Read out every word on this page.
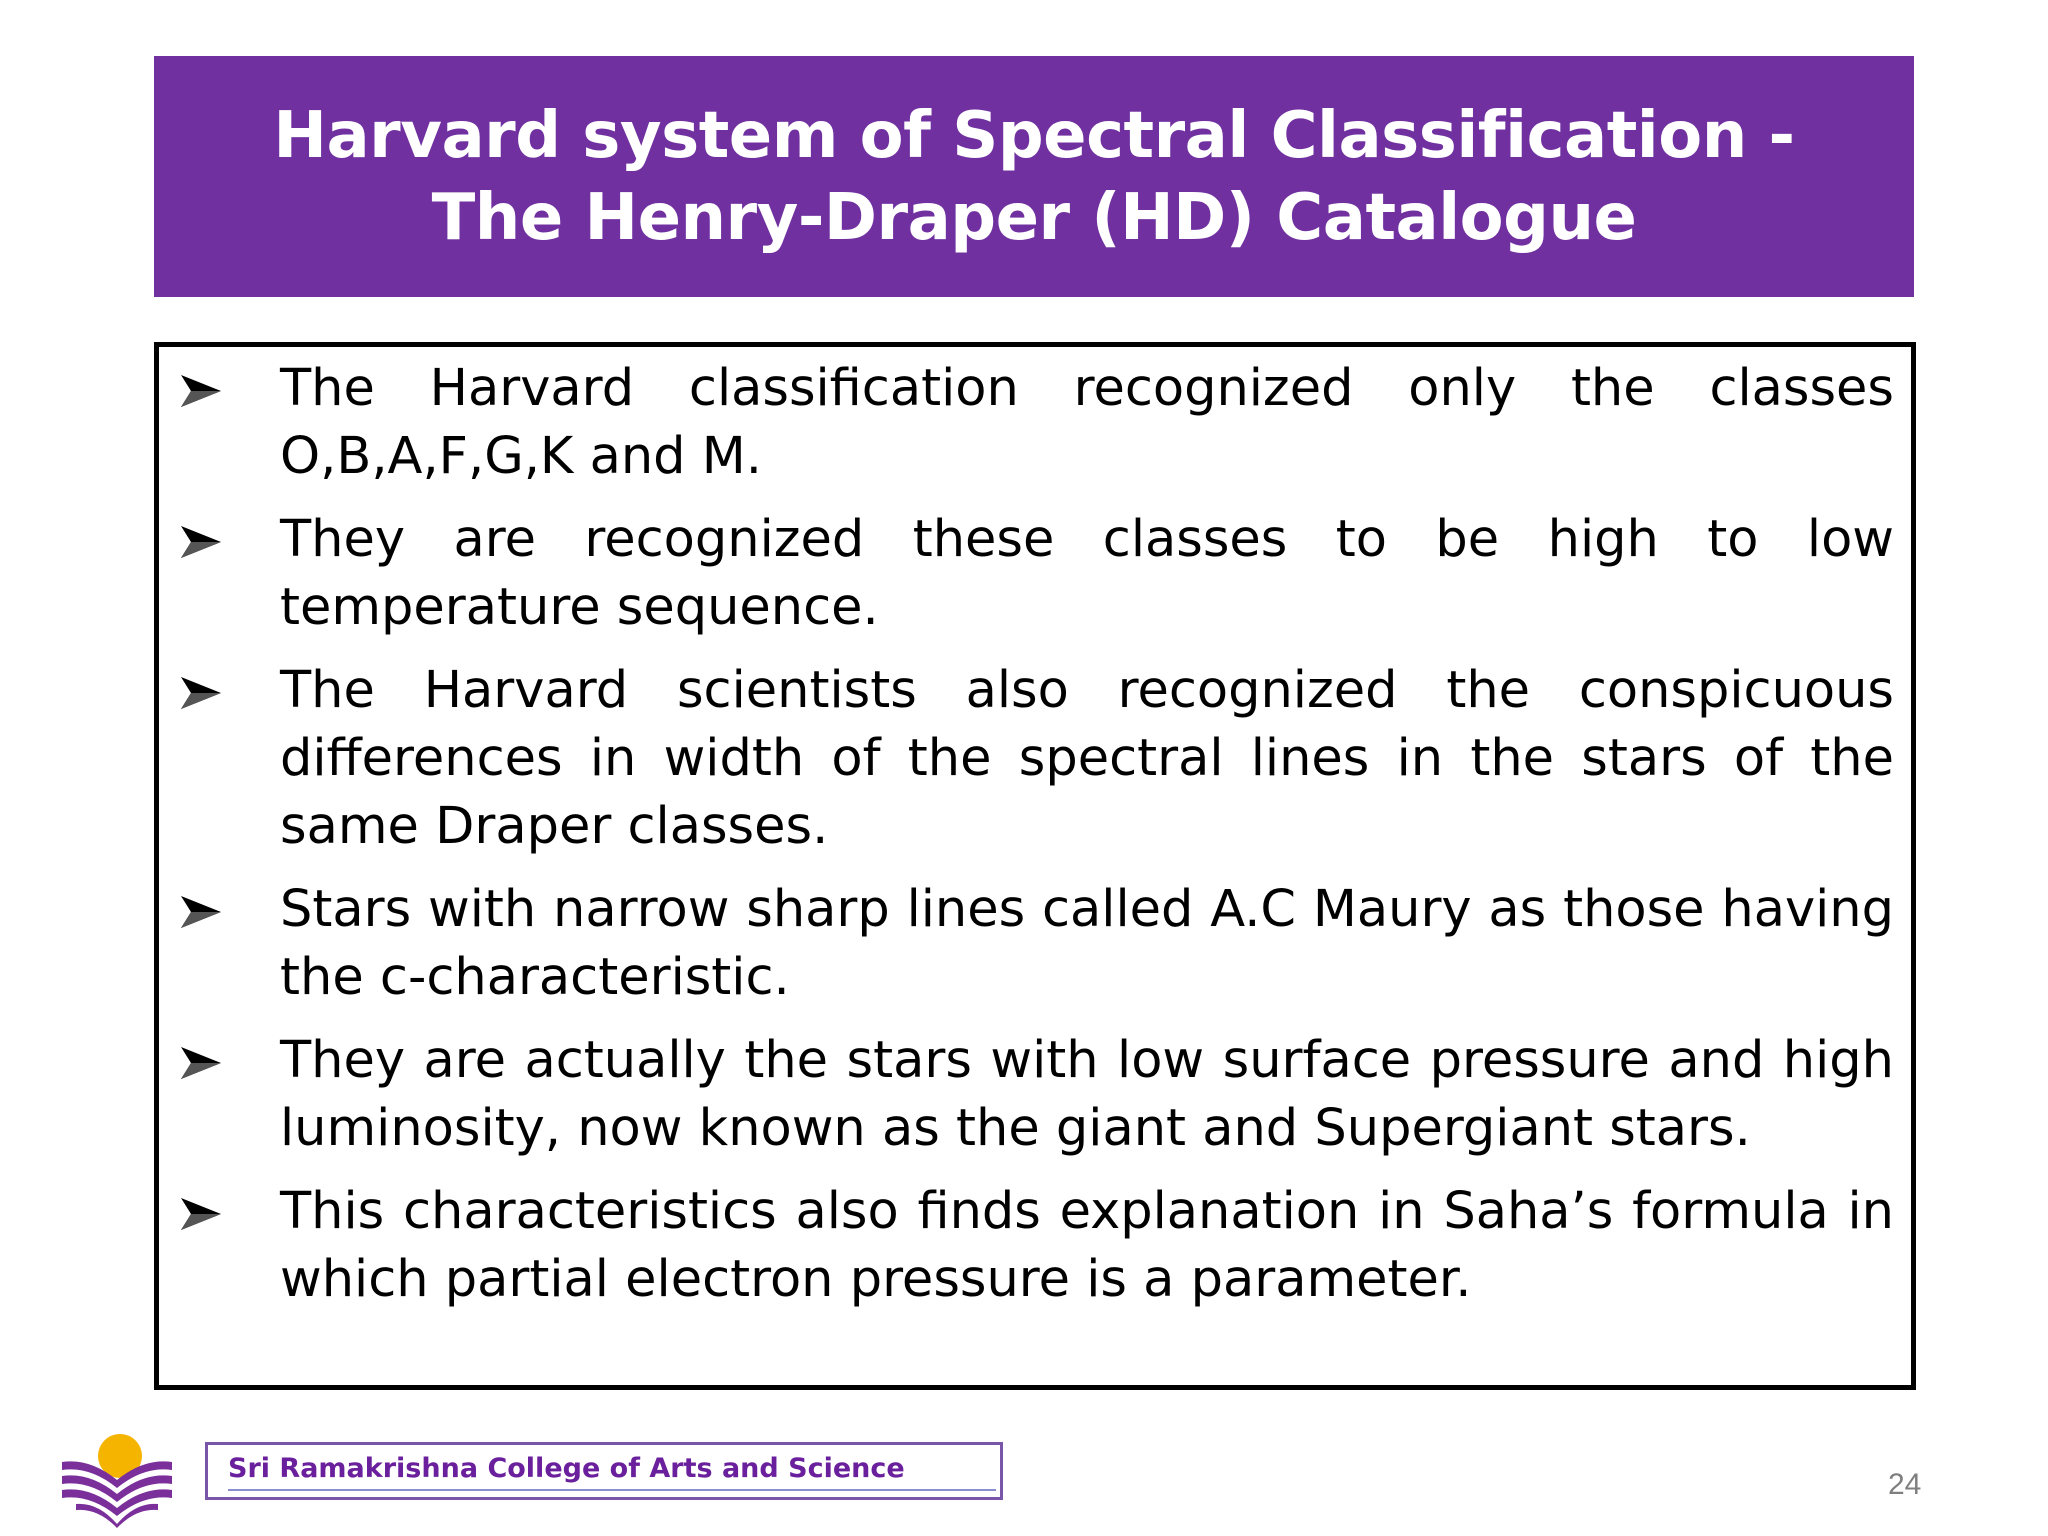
Harvard system of Spectral Classification -
The Henry-Draper (HD) Catalogue
The Harvard classification recognized only the classes O,B,A,F,G,K and M.
They are recognized these classes to be high to low temperature sequence.
The Harvard scientists also recognized the conspicuous differences in width of the spectral lines in the stars of the same Draper classes.
Stars with narrow sharp lines called A.C Maury as those having the c-characteristic.
They are actually the stars with low surface pressure and high luminosity, now known as the giant and Supergiant stars.
This characteristics also finds explanation in Saha’s formula in which partial electron pressure is a parameter.
Sri Ramakrishna College of Arts and Science	24
